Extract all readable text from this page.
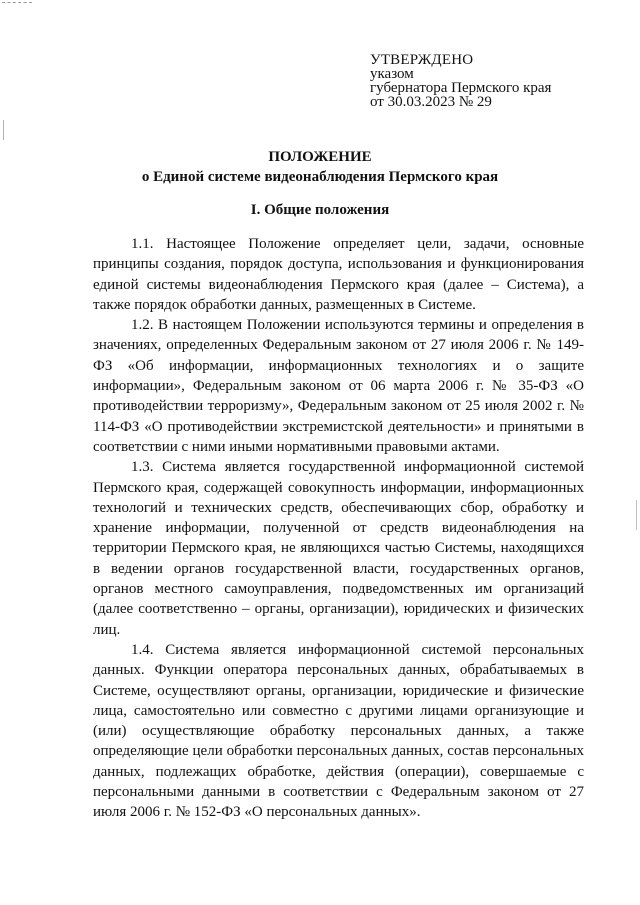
УТВЕРЖДЕНО
указом
губернатора Пермского края
от 30.03.2023 № 29
ПОЛОЖЕНИЕ
о Единой системе видеонаблюдения Пермского края
I. Общие положения

1.1. Настоящее Положение определяет цели, задачи, основные принципы создания, порядок доступа, использования и функционирования единой системы видеонаблюдения Пермского края (далее – Система), а также порядок обработки данных, размещенных в Системе.

1.2. В настоящем Положении используются термины и определения в значениях, определенных Федеральным законом от 27 июля 2006 г. № 149-ФЗ «Об информации, информационных технологиях и о защите информации», Федеральным законом от 06 марта 2006 г. № 35-ФЗ «О противодействии терроризму», Федеральным законом от 25 июля 2002 г. № 114-ФЗ «О противодействии экстремистской деятельности» и принятыми в соответствии с ними иными нормативными правовыми актами.

1.3. Система является государственной информационной системой Пермского края, содержащей совокупность информации, информационных технологий и технических средств, обеспечивающих сбор, обработку и хранение информации, полученной от средств видеонаблюдения на территории Пермского края, не являющихся частью Системы, находящихся в ведении органов государственной власти, государственных органов, органов местного самоуправления, подведомственных им организаций (далее соответственно – органы, организации), юридических и физических лиц.

1.4. Система является информационной системой персональных данных. Функции оператора персональных данных, обрабатываемых в Системе, осуществляют органы, организации, юридические и физические лица, самостоятельно или совместно с другими лицами организующие и (или) осуществляющие обработку персональных данных, а также определяющие цели обработки персональных данных, состав персональных данных, подлежащих обработке, действия (операции), совершаемые с персональными данными в соответствии с Федеральным законом от 27 июля 2006 г. № 152-ФЗ «О персональных данных».
